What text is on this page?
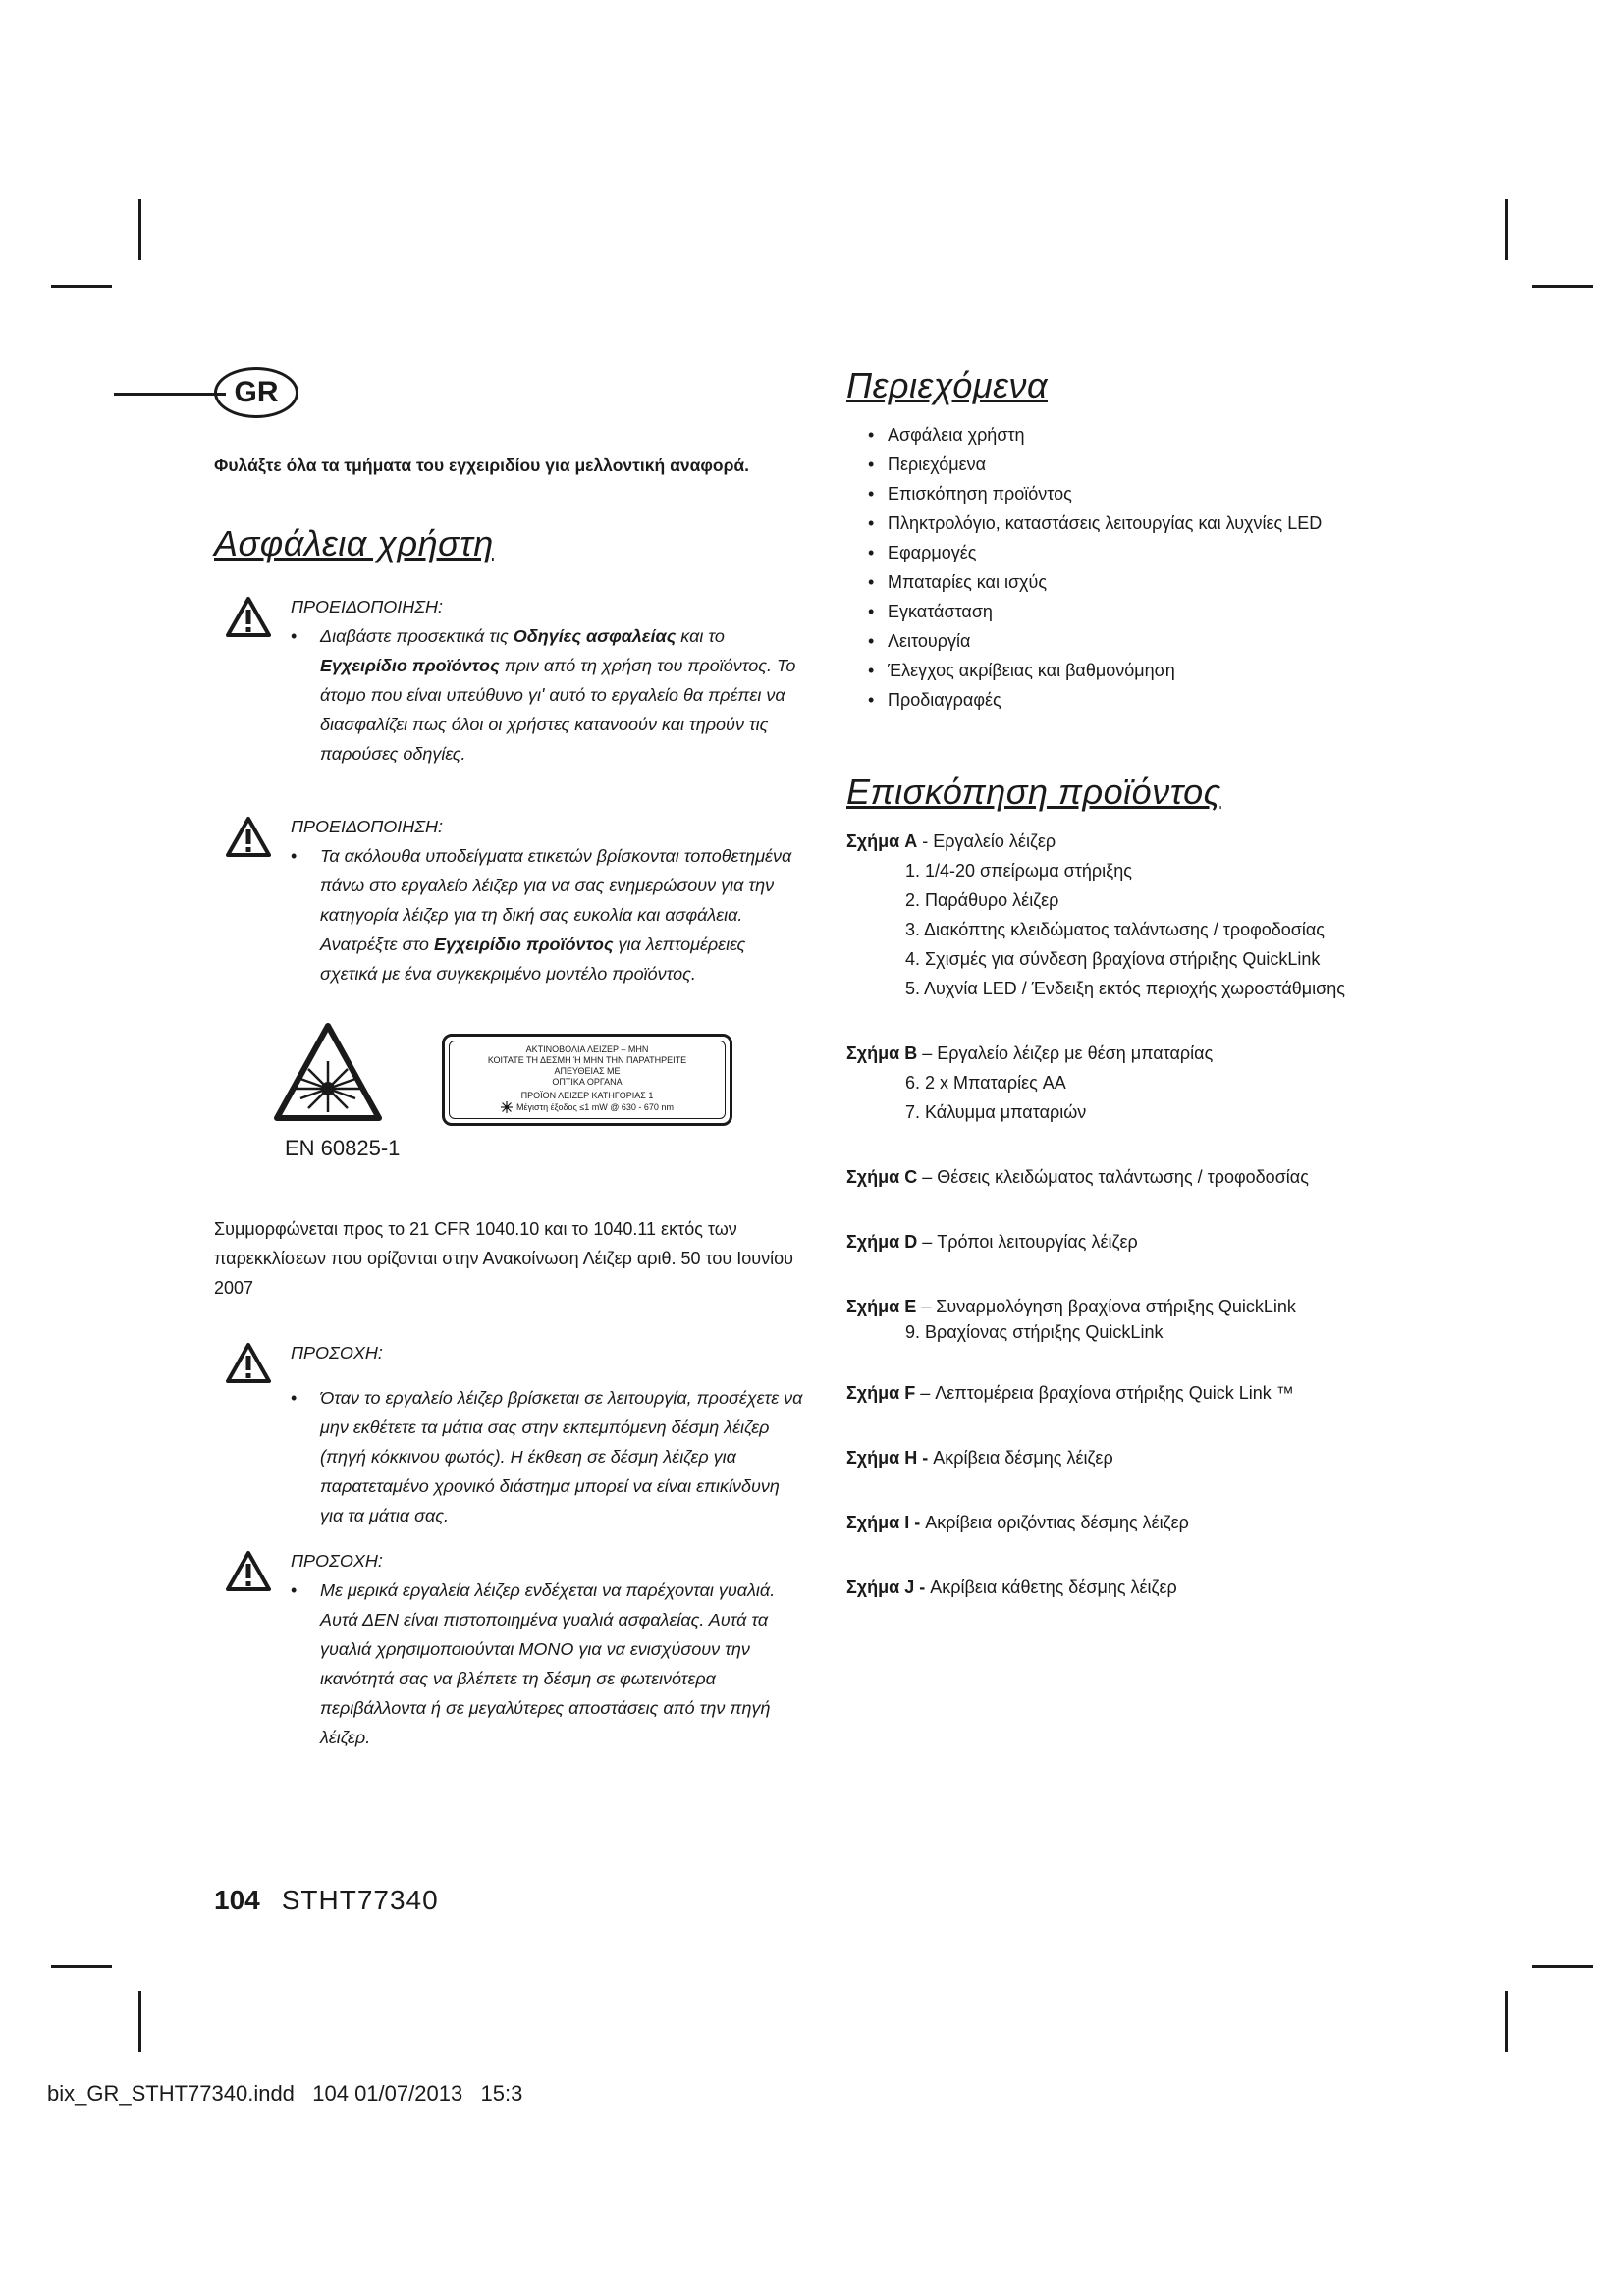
GR

Φυλάξτε όλα τα τμήματα του εγχειριδίου για μελλοντική αναφορά.

Ασφάλεια χρήστη
ΠΡΟΕΙΔΟΠΟΙΗΣΗ:
• Διαβάστε προσεκτικά τις Οδηγίες ασφαλείας και το Εγχειρίδιο προϊόντος πριν από τη χρήση του προϊόντος. Το άτομο που είναι υπεύθυνο γι' αυτό το εργαλείο θα πρέπει να διασφαλίζει πως όλοι οι χρήστες κατανοούν και τηρούν τις παρούσες οδηγίες.
ΠΡΟΕΙΔΟΠΟΙΗΣΗ:
• Τα ακόλουθα υποδείγματα ετικετών βρίσκονται τοποθετημένα πάνω στο εργαλείο λέιζερ για να σας ενημερώσουν για την κατηγορία λέιζερ για τη δική σας ευκολία και ασφάλεια. Ανατρέξτε στο Εγχειρίδιο προϊόντος για λεπτομέρειες σχετικά με ένα συγκεκριμένο μοντέλο προϊόντος.
EN 60825-1
ΑΚΤΙΝΟΒΟΛΙΑ ΛΕΙΖΕΡ – ΜΗΝ
ΚΟΙΤΑΤΕ ΤΗ ΔΕΣΜΗ Ή ΜΗΝ ΤΗΝ ΠΑΡΑΤΗΡΕΙΤΕ
ΑΠΕΥΘΕΙΑΣ ΜΕ
ΟΠΤΙΚΑ ΟΡΓΑΝΑ
ΠΡΟΪΟΝ ΛΕΙΖΕΡ ΚΑΤΗΓΟΡΙΑΣ 1
Μέγιστη έξοδος ≤1 mW @ 630 - 670 nm

Συμμορφώνεται προς το 21 CFR 1040.10 και το 1040.11 εκτός των παρεκκλίσεων που ορίζονται στην Ανακοίνωση Λέιζερ αριθ. 50 του Ιουνίου 2007

ΠΡΟΣΟΧΗ:
• Όταν το εργαλείο λέιζερ βρίσκεται σε λειτουργία, προσέχετε να μην εκθέτετε τα μάτια σας στην εκπεμπόμενη δέσμη λέιζερ (πηγή κόκκινου φωτός). Η έκθεση σε δέσμη λέιζερ για παρατεταμένο χρονικό διάστημα μπορεί να είναι επικίνδυνη για τα μάτια σας.
ΠΡΟΣΟΧΗ:
• Με μερικά εργαλεία λέιζερ ενδέχεται να παρέχονται γυαλιά. Αυτά ΔΕΝ είναι πιστοποιημένα γυαλιά ασφαλείας. Αυτά τα γυαλιά χρησιμοποιούνται ΜΟΝΟ για να ενισχύσουν την ικανότητά σας να βλέπετε τη δέσμη σε φωτεινότερα περιβάλλοντα ή σε μεγαλύτερες αποστάσεις από την πηγή λέιζερ.
Περιεχόμενα
• Ασφάλεια χρήστη
• Περιεχόμενα
• Επισκόπηση προϊόντος
• Πληκτρολόγιο, καταστάσεις λειτουργίας και λυχνίες LED
• Εφαρμογές
• Μπαταρίες και ισχύς
• Εγκατάσταση
• Λειτουργία
• Έλεγχος ακρίβειας και βαθμονόμηση
• Προδιαγραφές
Επισκόπηση προϊόντος
Σχήμα A - Εργαλείο λέιζερ
1. 1/4-20 σπείρωμα στήριξης
2. Παράθυρο λέιζερ
3. Διακόπτης κλειδώματος ταλάντωσης / τροφοδοσίας
4. Σχισμές για σύνδεση βραχίονα στήριξης QuickLink
5. Λυχνία LED / Ένδειξη εκτός περιοχής χωροστάθμισης
Σχήμα B – Εργαλείο λέιζερ με θέση μπαταρίας
6. 2 x Μπαταρίες AA
7. Κάλυμμα μπαταριών
Σχήμα C – Θέσεις κλειδώματος ταλάντωσης / τροφοδοσίας
Σχήμα D – Τρόποι λειτουργίας λέιζερ
Σχήμα E – Συναρμολόγηση βραχίονα στήριξης QuickLink
9. Βραχίονας στήριξης QuickLink
Σχήμα F – Λεπτομέρεια βραχίονα στήριξης Quick Link ™
Σχήμα H - Ακρίβεια δέσμης λέιζερ
Σχήμα I - Ακρίβεια οριζόντιας δέσμης λέιζερ
Σχήμα J - Ακρίβεια κάθετης δέσμης λέιζερ
104 STHT77340
bix_GR_STHT77340.indd   104 01/07/2013   15:3
